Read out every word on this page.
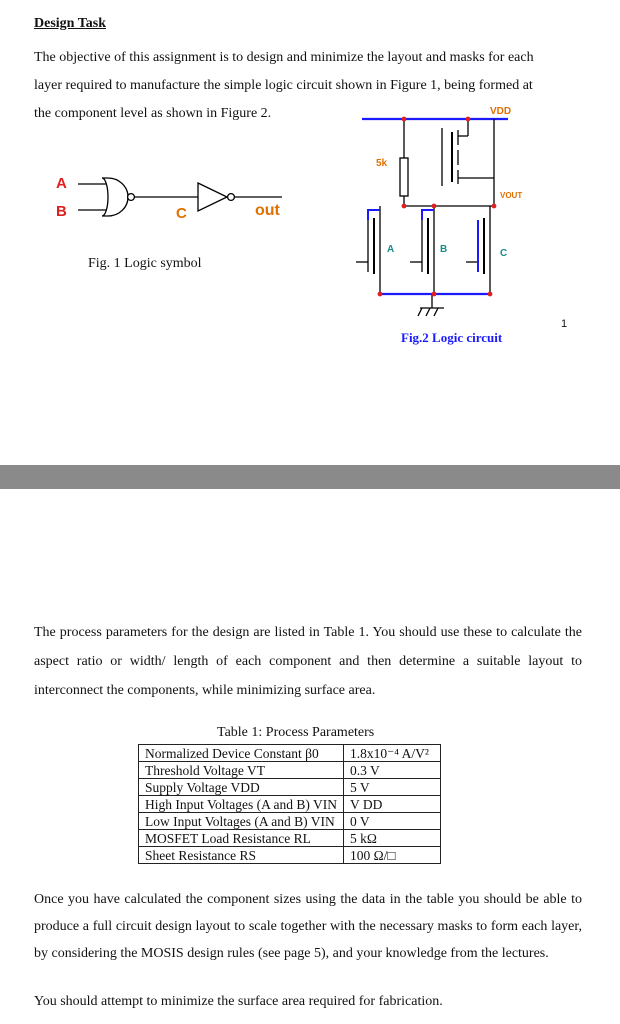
Design Task
The objective of this assignment is to design and minimize the layout and masks for each
layer required to manufacture the simple logic circuit shown in Figure 1, being formed at
the component level as shown in Figure 2.
A
B	C	out
Fig. 1 Logic symbol
VDD
5k
VOUT
A	B	C
Fig.2 Logic circuit
1
The process parameters for the design are listed in Table 1. You should use these to calculate the aspect ratio or width/ length of each component and then determine a suitable layout to interconnect the components, while minimizing surface area.
Table 1: Process Parameters
Normalized Device Constant β0	1.8x10⁻⁴ A/V²
Threshold Voltage VT	0.3 V
Supply Voltage VDD	5 V
High Input Voltages (A and B) VIN	V DD
Low Input Voltages (A and B) VIN	0 V
MOSFET Load Resistance RL	5 kΩ
Sheet Resistance RS	100 Ω/□
Once you have calculated the component sizes using the data in the table you should be able to produce a full circuit design layout to scale together with the necessary masks to form each layer, by considering the MOSIS design rules (see page 5), and your knowledge from the lectures.
You should attempt to minimize the surface area required for fabrication.
